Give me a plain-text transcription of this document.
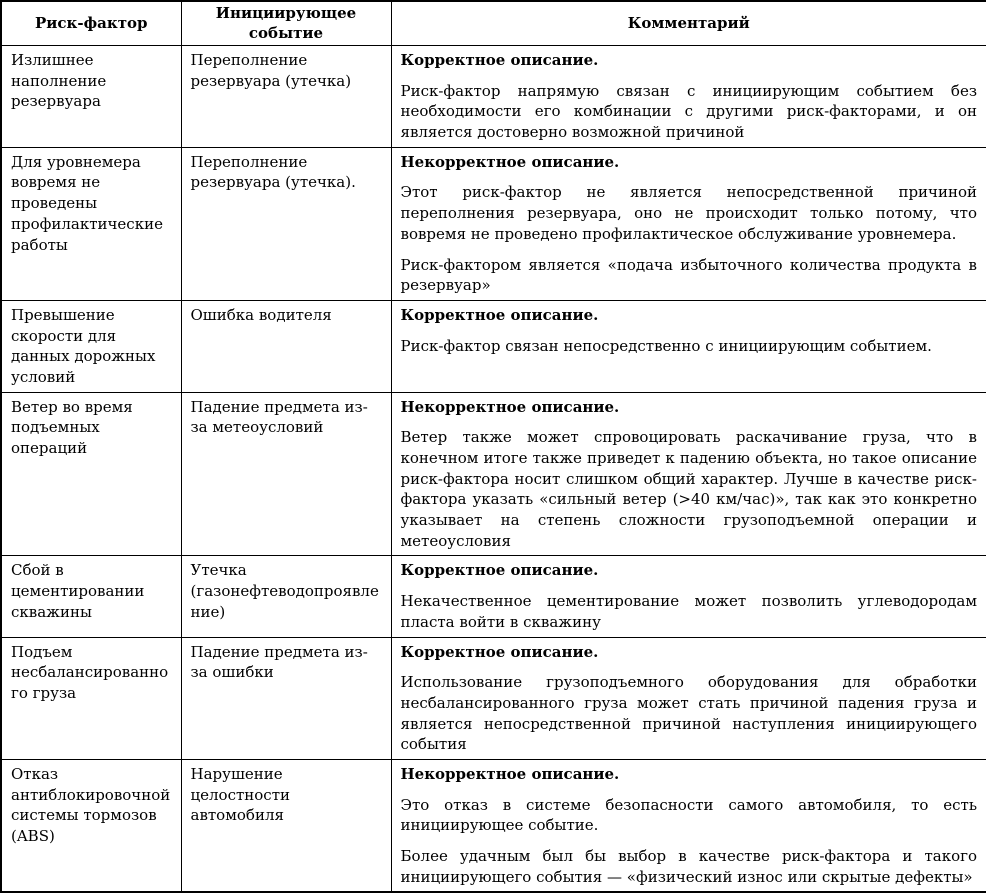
Риск-фактор	Инициирующее событие	Комментарий
Излишнее наполнение резервуара	Переполнение резервуара (утечка)	Корректное описание.

Риск-фактор напрямую связан с инициирующим событием без необходимости его комбинации с другими риск-факторами, и он является достоверно возможной причиной

Для уровнемера вовремя не проведены профилактические работы	Переполнение резервуара (утечка).	Некорректное описание.

Этот риск-фактор не является непосредственной причиной переполнения резервуара, оно не происходит только потому, что вовремя не проведено профилактическое обслуживание уровнемера.

Риск-фактором является «подача избыточного количества продукта в резервуар»

Превышение скорости для данных дорожных условий	Ошибка водителя	Корректное описание.

Риск-фактор связан непосредственно с инициирующим событием.

Ветер во время подъемных операций	Падение предмета из-за метеоусловий	Некорректное описание.

Ветер также может спровоцировать раскачивание груза, что в конечном итоге также приведет к падению объекта, но такое описание риск-фактора носит слишком общий характер. Лучше в качестве риск-фактора указать «сильный ветер (>40 км/час)», так как это конкретно указывает на степень сложности грузоподъемной операции и метеоусловия

Сбой в цементировании скважины	Утечка (газонефтеводопроявление)	Корректное описание.

Некачественное цементирование может позволить углеводородам пласта войти в скважину

Подъем несбалансированного груза	Падение предмета из-за ошибки	Корректное описание.

Использование грузоподъемного оборудования для обработки несбалансированного груза может стать причиной падения груза и является непосредственной причиной наступления инициирующего события

Отказ антиблокировочной системы тормозов (ABS)	Нарушение целостности автомобиля	Некорректное описание.

Это отказ в системе безопасности самого автомобиля, то есть инициирующее событие.

Более удачным был бы выбор в качестве риск-фактора и такого инициирующего события — «физический износ или скрытые дефекты»
